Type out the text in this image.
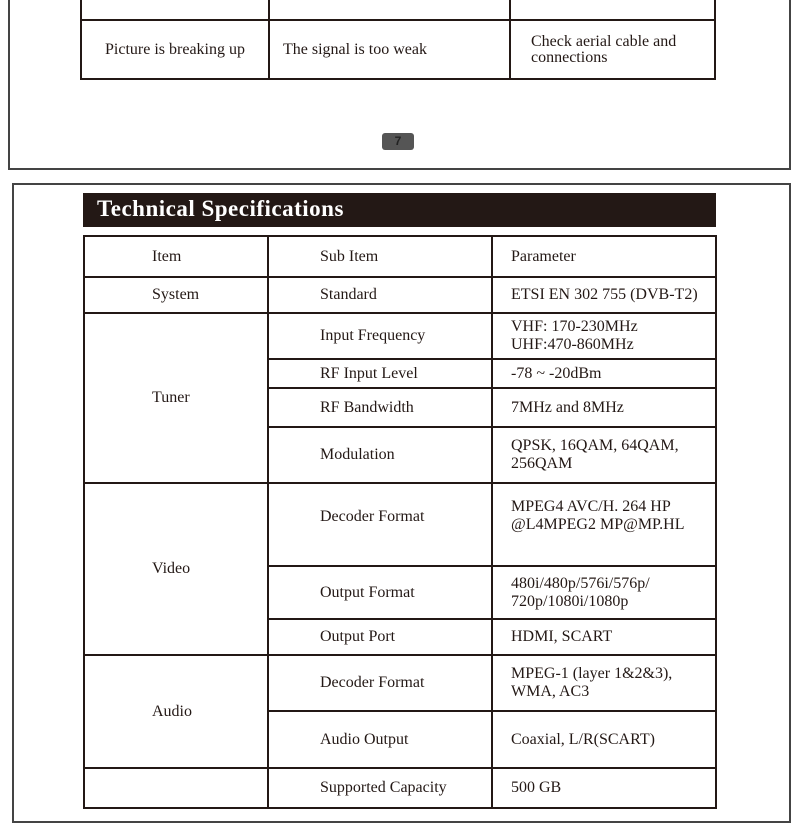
Picture is breaking up	The signal is too weak	Check aerial cable and
connections
7
Technical Specifications
Item	Sub Item	Parameter
System	Standard	ETSI EN 302 755 (DVB-T2)
Tuner	Input Frequency	VHF: 170-230MHz
UHF:470-860MHz

	RF Input Level	-78 ~ -20dBm
	RF Bandwidth	7MHz and 8MHz
	Modulation	QPSK, 16QAM, 64QAM,
256QAM

Video	Decoder Format	MPEG4 AVC/H. 264 HP
@L4MPEG2 MP@MP.HL

	Output Format	480i/480p/576i/576p/
720p/1080i/1080p

	Output Port	HDMI, SCART
Audio	Decoder Format	MPEG-1 (layer 1&2&3),
WMA, AC3

	Audio Output	Coaxial, L/R(SCART)
	Supported Capacity	500 GB
